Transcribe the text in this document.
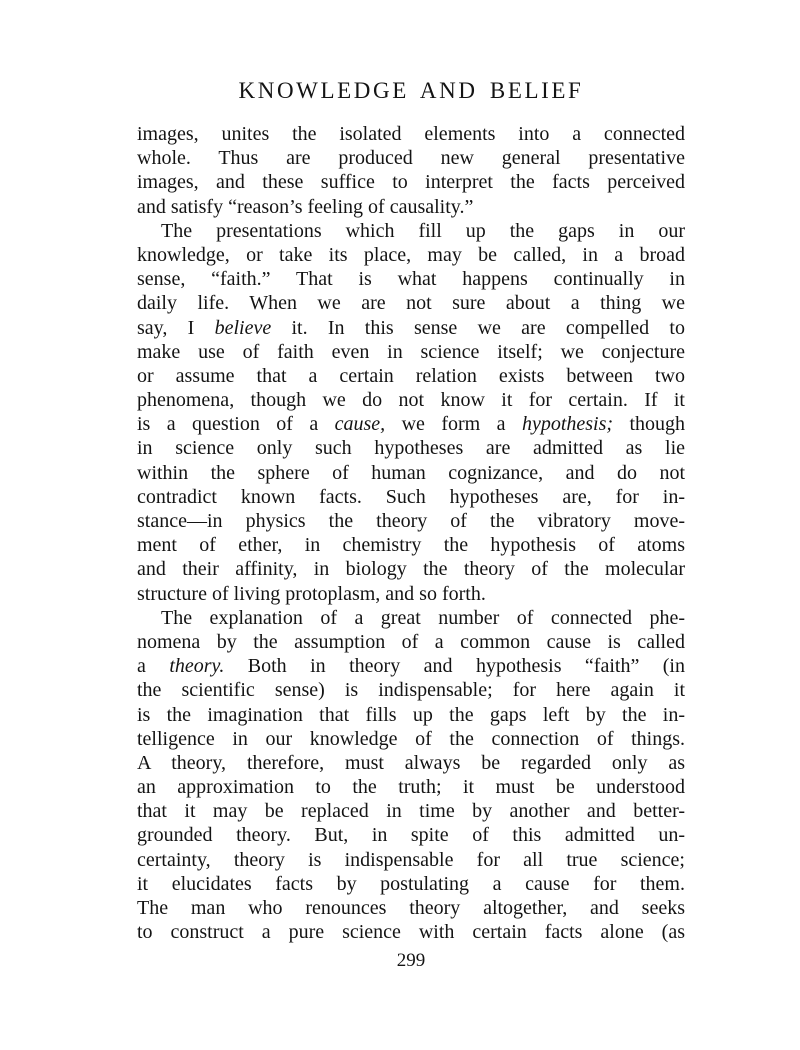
KNOWLEDGE AND BELIEF
images, unites the isolated elements into a connected
whole. Thus are produced new general presentative
images, and these suffice to interpret the facts perceived
and satisfy “reason’s feeling of causality.”
The presentations which fill up the gaps in our
knowledge, or take its place, may be called, in a broad
sense, “faith.” That is what happens continually in
daily life. When we are not sure about a thing we
say, I believe it. In this sense we are compelled to
make use of faith even in science itself; we conjecture
or assume that a certain relation exists between two
phenomena, though we do not know it for certain. If it
is a question of a cause, we form a hypothesis; though
in science only such hypotheses are admitted as lie
within the sphere of human cognizance, and do not
contradict known facts. Such hypotheses are, for in-
stance—in physics the theory of the vibratory move-
ment of ether, in chemistry the hypothesis of atoms
and their affinity, in biology the theory of the molecular
structure of living protoplasm, and so forth.
The explanation of a great number of connected phe-
nomena by the assumption of a common cause is called
a theory. Both in theory and hypothesis “faith” (in
the scientific sense) is indispensable; for here again it
is the imagination that fills up the gaps left by the in-
telligence in our knowledge of the connection of things.
A theory, therefore, must always be regarded only as
an approximation to the truth; it must be understood
that it may be replaced in time by another and better-
grounded theory. But, in spite of this admitted un-
certainty, theory is indispensable for all true science;
it elucidates facts by postulating a cause for them.
The man who renounces theory altogether, and seeks
to construct a pure science with certain facts alone (as
299
